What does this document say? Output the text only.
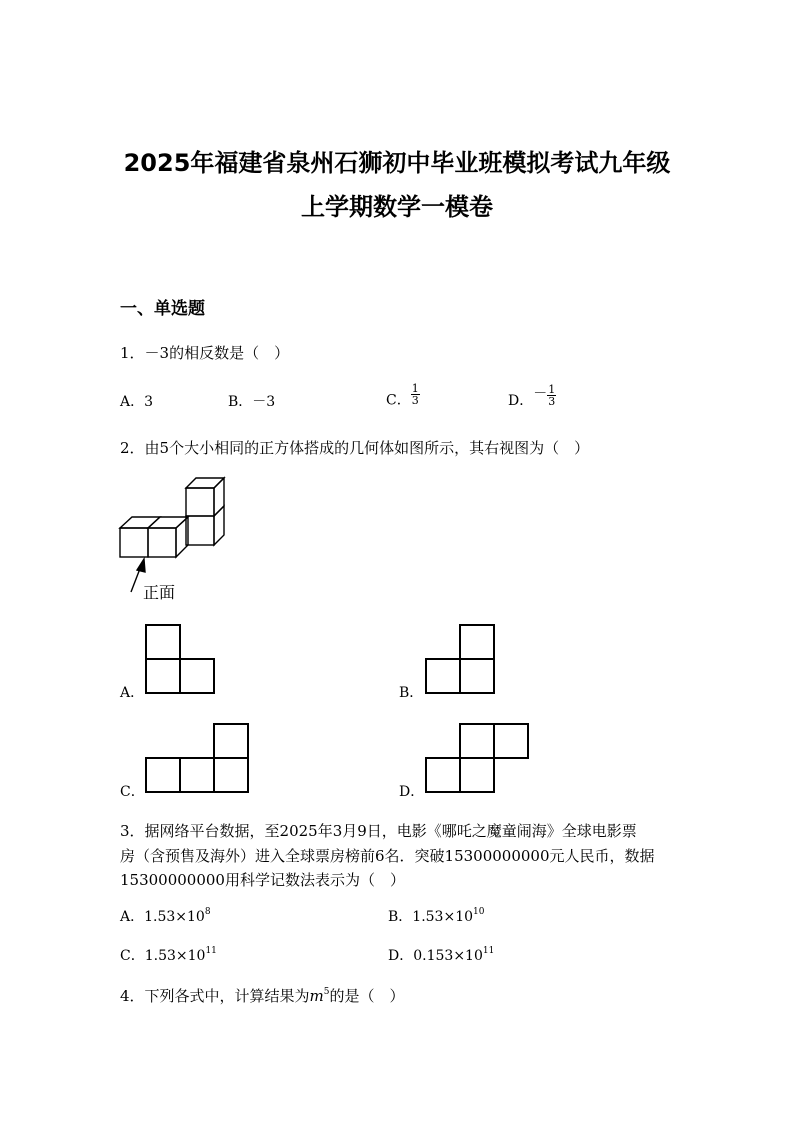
2025年福建省泉州石狮初中毕业班模拟考试九年级
上学期数学一模卷
一、单选题
1．－3的相反数是（　）
A．3	B．－3	C． $\frac{1}{3}$	D．－ $\frac{1}{3}$
2．由5个大小相同的正方体搭成的几何体如图所示，其右视图为（　）
正面
A．	B．
C．	D．
3．据网络平台数据，至2025年3月9日，电影《哪吒之魔童闹海》全球电影票
房（含预售及海外）进入全球票房榜前6名．突破15300000000元人民币，数据
15300000000用科学记数法表示为（　）
A．$1.53\times 10^8$	B．$1.53\times 10^{10}$
C．$1.53\times 10^{11}$	D．$0.153\times 10^{11}$
4．下列各式中，计算结果为$m^5$的是（　）
